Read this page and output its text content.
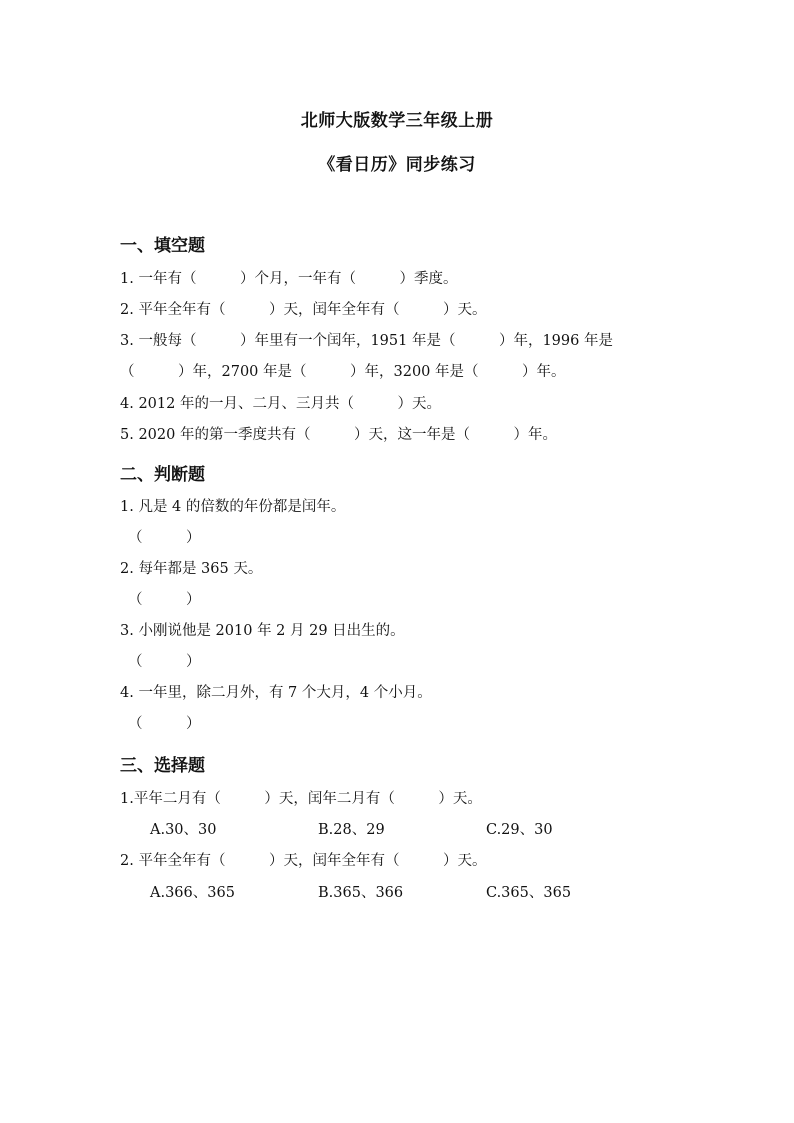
北师大版数学三年级上册
《看日历》同步练习
一、填空题
1. 一年有（　　　）个月，一年有（　　　）季度。
2. 平年全年有（　　　）天，闰年全年有（　　　）天。
3. 一般每（　　　）年里有一个闰年，1951 年是（　　　）年，1996 年是
（　　　）年，2700 年是（　　　）年，3200 年是（　　　）年。
4. 2012 年的一月、二月、三月共（　　　）天。
5. 2020 年的第一季度共有（　　　）天，这一年是（　　　）年。
二、判断题
1. 凡是 4 的倍数的年份都是闰年。
（　　　）
2. 每年都是 365 天。
（　　　）
3. 小刚说他是 2010 年 2 月 29 日出生的。
（　　　）
4. 一年里，除二月外，有 7 个大月，4 个小月。
（　　　）
三、选择题
1.平年二月有（　　　）天，闰年二月有（　　　）天。
A.30、30	B.28、29	C.29、30
2. 平年全年有（　　　）天，闰年全年有（　　　）天。
A.366、365	B.365、366	C.365、365
